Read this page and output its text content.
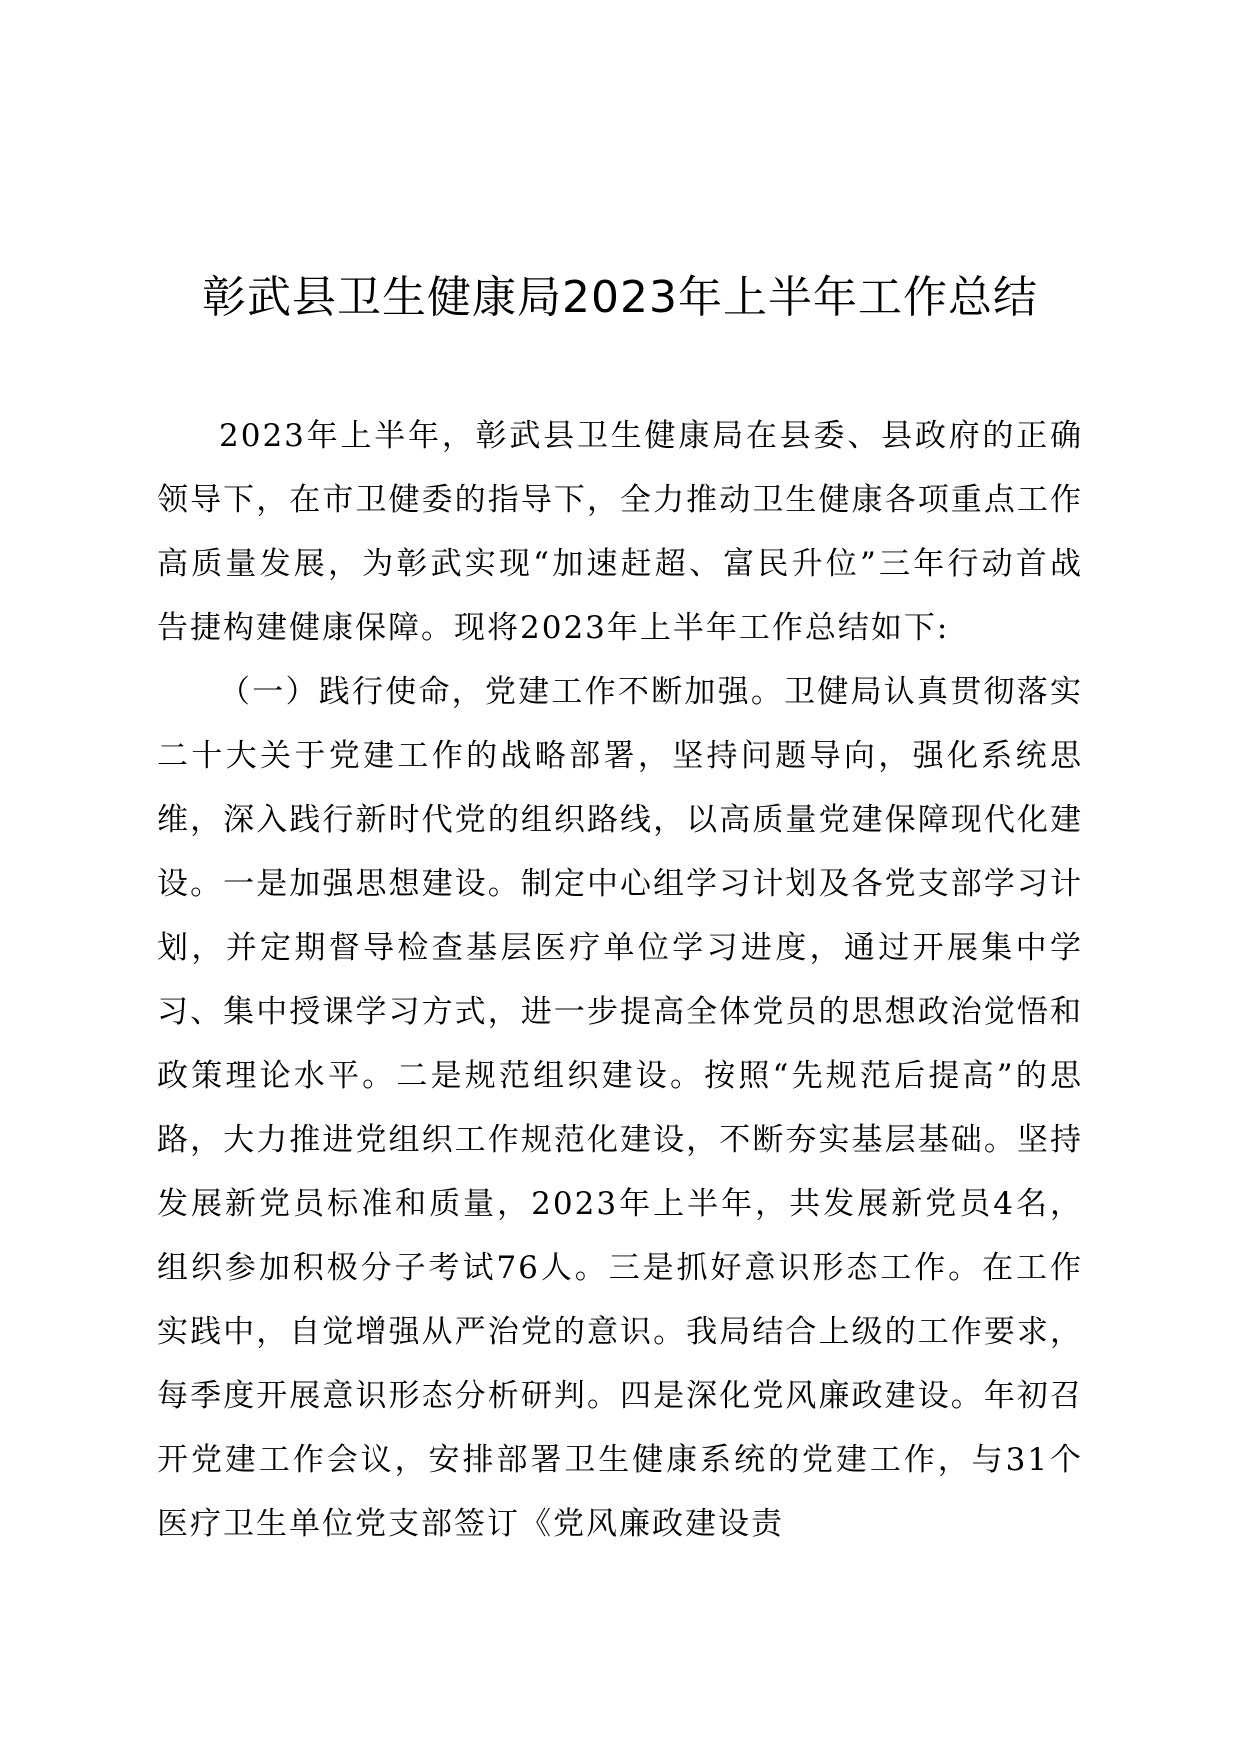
彰武县卫生健康局2023年上半年工作总结

2023年上半年，彰武县卫生健康局在县委、县政府的正确领导下，在市卫健委的指导下，全力推动卫生健康各项重点工作高质量发展，为彰武实现“加速赶超、富民升位”三年行动首战告捷构建健康保障。现将2023年上半年工作总结如下:

（一）践行使命，党建工作不断加强。卫健局认真贯彻落实二十大关于党建工作的战略部署，坚持问题导向，强化系统思维，深入践行新时代党的组织路线，以高质量党建保障现代化建设。一是加强思想建设。制定中心组学习计划及各党支部学习计划，并定期督导检查基层医疗单位学习进度，通过开展集中学习、集中授课学习方式，进一步提高全体党员的思想政治觉悟和政策理论水平。二是规范组织建设。按照“先规范后提高”的思路，大力推进党组织工作规范化建设，不断夯实基层基础。坚持发展新党员标准和质量，2023年上半年，共发展新党员4名，组织参加积极分子考试76人。三是抓好意识形态工作。在工作实践中，自觉增强从严治党的意识。我局结合上级的工作要求，每季度开展意识形态分析研判。四是深化党风廉政建设。年初召开党建工作会议，安排部署卫生健康系统的党建工作，与31个医疗卫生单位党支部签订《党风廉政建设责
